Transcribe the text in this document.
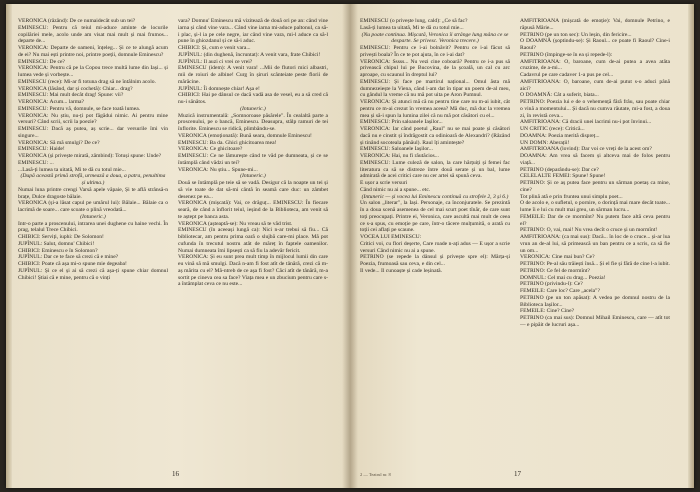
VERONICA (râzând): De ce numaidecât sub un tei?

EMINESCU: Pentru că teiul mi-aduce aminte de locurile copilăriei mele, acolo unde am visat mai mult și mai frumos... departe de...

VERONICA: Departe de oameni, înțeleg... Și ce te alungă acum de ei? Nu mai ești printre noi, printre poeții, domnule Eminescu?

EMINESCU: De ce?

VERONICA: Pentru că pe la Copou trece multă lume din Iași... și lumea vede și vorbește...

EMINESCU (rece): Mi-ar fi totuna drag să ne întâlnim acolo.

VERONICA (lăsând, dar și cochetă): Chiar... drag?

EMINESCU: Mai mult decât drag! Spune: vii?

VERONICA: Acum... larma?

EMINESCU: Pentru vă, domnule, se face toată lumea.

VERONICA: Nu știu, nu-ți pot făgădui nimic. Ai pentru mine versuri? Când scrii, scrii la poezie?

EMINESCU: Dacă aș putea, aș scrie... dar versurile îmi vin singure...

VERONICA: Să mă smulgi? De ce?

EMINESCU: Haide!

VERONICA (și privește mirată, zâmbind): Totuși spune: Unde?

EMINESCU: ...

...Lasă-ți lumea ta uitată, Mi te dă cu totul mie...

(După această primă strofă, urmează a doua, a patra, penultima și ultima.)

Numai luna printre crengi Varsă apele văpaie, Și te află strânsă-n brațe, Dulce dragoste bălaie.

VERONICA (și-a lăsat capul pe umărul lui): Bălaie... Bălaie ca o lacrimă de soare... care scoate o plină vreodată...

(Intuneric.)

Intr-o parte a proscenului, intrarea unei dughene cu haine vechi. În prag, telalul Trece Chibici.

CHIBICI: Serviți, iuphi: De Solomon!

JUPÎNUL: Salut, domnu' Chibici!

CHIBICI: Eminescu e în Solomon?

JUPÎNUL: Dar ce te face să crezi că e mine?

CHIBICI: Poate că așa mi-o spune mie degeaba!

JUPÎNUL: Și ce el și ai să crezi că așa-ți spune chiar domnul Chibici! Știai că e mine, pentru că o vinți

vara? Domnu' Eminescu mă vizitează de două ori pe an: când vine iarna și când vine vara... Când vine iarna mi-aduce paltonul, ca să-i plac, și-l ia pe cele negre, iar când vine vara, mi-l aduce ca să-l pune în ghiozdanul și ce să-i aduc.

CHIBICI: Și, cum e venit vara...

JUPÎNUL: (din dughenă, încruntat): A venit vara, frate Chibici!

JUPÎNUL: Il auzi ci vrei ce vrei?

EMINESCU (idem): A venit vara! ...Mii de flutori mici albastri, mii de roiuri de albine! Curg în șiruri scânteiate peste florii de mărăcine.

JUPÎNUL: Îi domnește chiar! Așa e!

CHIBICI: Hai pe dânsul ce dacă vadă asa de vesel, eu a să cred că nu-i sănătos.

(Intuneric.)

Muzică instrumentală: „Somnoroase păsărele". În cealaltă parte a proscenului, pe o bancă, Eminescu. Deasupra, stâlp ramuri de tei înflorite. Eminescu se ridică, plimbându-se.

VERONICA (emoționată): Bună seara, domnule Eminescu!

EMINESCU: Ba da. Ghici ghicitoarea mea!

VERONICA: Ce ghicitoare?

EMINESCU: Ce ne lămurește când te văd pe dumneata, și ce se întâmplă când vădzi un tei?

VERONICA: Nu știu... Spune-mi...

(Intuneric.)

Două se întâmplă pe teie să se vadă. Desigur că la noapte un tei și să vie toate de dat să-mi cântă în seamă care duc: un zâmbet desenez pe ea...

VERONICA (mișcată): Vai, ce drăguț... EMINESCU: În fiecare seară, de când a înflorit teiul, ieșind de la Biblioteca, am venit să te aștept pe banca asta.

VERONICA (așteaptă-se): Nu vreau să te văd trist.

EMINESCU (în aceeași lungă ca): Nici n-ar trebui să fiu... Că bibliotecar, am pentru prima oară o slujbă care-mi place. Mă pot cufunda în trecutul nostru atât de măreț în faptele oamenilor. Numai dumneata îmi lipsești ca să fiu la adevăr fericit.

VERONICA: Și eu sunt prea mult timp în mijlocul lumii din care eu vină să mă smulgi. Dacă n-am fi fost atît de tânără, crezi că m-aș mărita cu el? Mă-ntreb de ce așa fi fost? Căci atît de tânără, m-a sortit pe cineva cea sa face? Viața mea e un zbucium pentru care s-a întâmplat ceva ce nu este...

16

EMINESCU (o privește lung, cald): „Ce să fac?

Lasă-ți lumea ta uitată, Mi te dă cu totul mie...

(Nu poate continua. Mișcată, Veronica îi strânge lung mâna ce se desparte. Se privesc. Veronica trecere.)

EMINESCU: Pentru ce i-ai bolnăvit? Pentru ce i-ai făcut să privești boala? În ce te pot ajuta, în ce i-ai dat?

VERONICA: Sssss... Nu vezi cine coboară? Pentru ce i-a pus să privească chipul lui pe Bucovina, de la școală, un cal cu arc aproape, cu scaunul în dreptul lui?

EMINESCU: Și face pe martirul național... Omul ăsta mă dumnezeiește la Viena, când i-am dat în tipar un poem de-al meu, cu gândul la vreme că nu mă pot uita pe Aron Pumnul.

VERONICA: Și atunci mă că nu pentru tine care nu m-ai iubit, cât pentru ce m-ai crezut în vremea aceea? Mă duc, mă duc la vremea mea și să-i spun la lumina zilei că nu mă pot căsători cu el...

EMINESCU: Prin saloanele Iașilor...

VERONICA: Iar când poetul „Raul" nu se mai poate și căsători dacă nu e cinstit și îndrăgostit ca odinioară de Alexandri? (Râzând și tinând socoteala pânăul). Raul îți amintește?

EMINESCU: Saloanele Iașilor...

VERONICA: Hai, nu fi răutăcios...

EMINESCU: Lume culeză de salon, la care hărțuiți și femei fac literatura ca să se distreze între două serate și un bal, lume admirată de acei critici care nu cer artei să spună ceva.

E ușor a scrie versuri

Când nimic nu ai a spune... etc.

(Intuneric — și vocea lui Eminescu continuă cu strofele 2, 3 și 6.)

Un salon „literar", la Iași. Personaje, ca înconjuratele. Se prezintă în a doua scenă asemenea de cel mai scurt poet tînăr, de care sunt toți preocupați. Printre ei, Veronica, care ascultă mai mult de ceea ce s-a spus, cu emoție pe care, într-o tăcere mulțumită, o arată cu toții cei aflați pe scaune.

VOCEA LUI EMINESCU:

Critici voi, cu flori deșerte, Care roade n-ați adus — E ușor a scrie versuri Când nimic nu ai a spune.

PETRINO (se repede la dânsul și privește spre el): Mărța-și Poezia, frumoasă sau ceva, e din cel...

Il vede... Il cunoaște și cade leșinată.

AMFITRIOANA (mișcată de emoție): Vai, domnule Petrino, e răpusă Mărie...

PETRINO (pe un ton sec): Un leșin, din fericire...

O DOAMNĂ (șoptindu-se): Și Raoul... ce poate fi Raoul? Cine-i Raoul?

PETRINO (împinge-se în ea și repede-l):

AMFITRIOANA: O, baroane, cum de-ai putea a avea atâta cruzime, de a-mi...

Cadavrul pe care cadaver 1-a pus pe cel...

AMFITRIOANA: O, baroane, cum de-ai putut s-o aduci până aici?

O DOAMNĂ: Cât a suferit, biata...

PETRINO: Poezia lui e de o vehemență fără frâu, sau poate chiar o vină a momentului... Și dacă nu cumva răutate, mi-a fost, a doua zi, în revistă ceva...

AMFITRIOANA: Că dracii unei lacrimi nu-i pot învinui...

UN CRITIC (rece): Critică...

DOAMNA: Poezia merită dispreț...

UN DOMN: Aberații!

AMFITRIOANA (lovind): Dar voi ce vreți de la acest om?

DOAMNA: Am vrea să facem și altceva mai de folos pentru viață...

PETRINO (deparându-se): Dar ce?

CELELALTE FEMEI: Spune! Spune!

PETRINO: Și ce aș putea face pentru un sărman poetaș ca mine, cine?

Tot plină ată e prin fruntea unui simplu poet...

O de acolo e, o sufletul, o pornire, o dorință mai mare decât toate... lume îi e lui cu mult mai greu, un sărman lucru...

FEMEILE: Dar de ce mormînt? Nu putem face altă ceva pentru el?

PETRINO: O, vai, mai! Nu vrea decît o cruce și un mormînt!

AMFITRIOANA: (ca mai sus): Dacă... în loc de o cruce... și-ar lua vrun an de-al lui, să primească un ban pentru ce a scris, ca să fie un om...

VERONICA: Cine mai bun? Ce?

PETRINO: Pe-al său trăiești însă... Și el fie și fără de cine l-a iubit.

PETRINO: Ce fel de mormînt?

DOMNUL: Cel mai cu drag... Poezia!

PETRINO (privindu-l): Ce?

FEMEILE: Care loc? Care „acela"?

PETRINO (pe un ton apăsat): A vedea pe domnul nostru de la Biblioteca Iașilor...

FEMEILE: Cine? Cine?

PETRINO (ca mai sus): Domnul Mihail Eminescu, care — atît tot — e pipăit de lucruri așa...

2 — Teatrul nr. 8	17
